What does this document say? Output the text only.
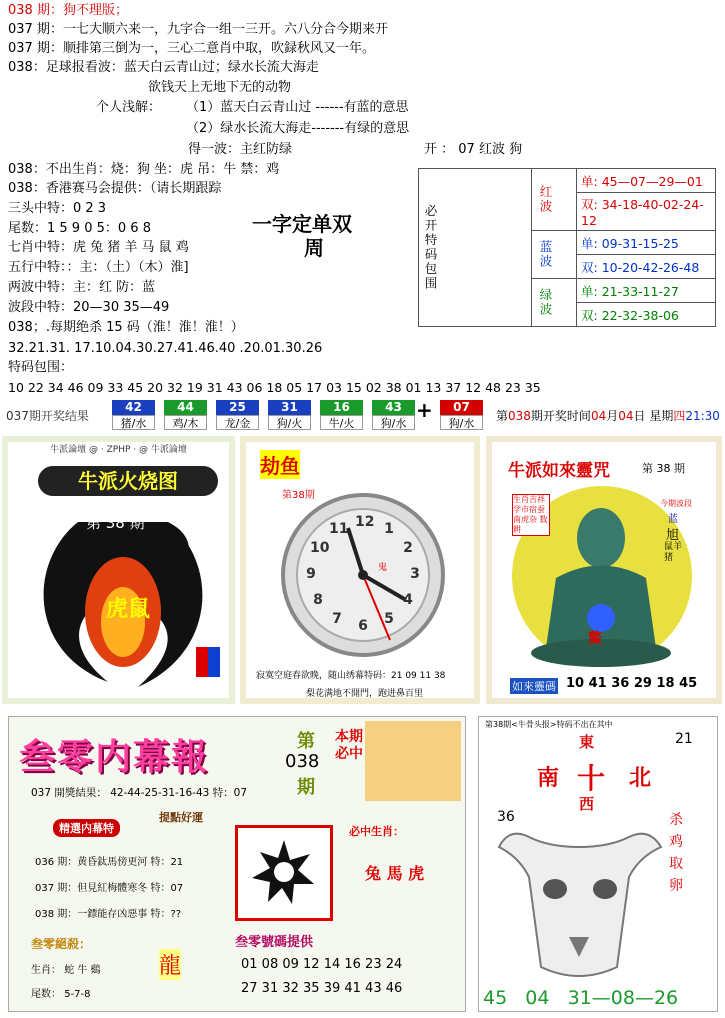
038 期：狗不理版；
037 期：一七大顺六来一，九字合一组一三开。六八分合今期来开
037 期：顺排第三倒为一，三心二意肖中取，吹録秋风又一年。
038：足球报看波：蓝天白云青山过；绿水长流大海走
欲钱天上无地下无的动物
个人浅解： （1）蓝天白云青山过 ------有蓝的意思
（2）绿水长流大海走-------有绿的意思
得一波：主红防绿	开 ： 07 红波 狗
038：不出生肖：烧：狗 坐：虎 吊：牛 禁：鸡
038：香港赛马会提供：（请长期跟踪
三头中特：0 2 3
尾数：1 5 9 0 5：0 6 8
七肖中特：虎 兔 猪 羊 马 鼠 鸡
五行中特：：主：（土）（木）淮]
两波中特：主：红 防：蓝
波段中特：20—30 35—49
038；.每期绝杀 15 码（淮！淮！淮！）
一字定单双
周
32.21.31. 17.10.04.30.27.41.46.40 .20.01.30.26
特码包围：
10 22 34 46 09 33 45 20 32 19 31 43 06 18 05 17 03 15 02 38 01 13 37 12 48 23 35
必开特码包围	红波	单: 45—07—29—01
		双: 34-18-40-02-24-12

	蓝波	单: 09-31-15-25
		双: 10-20-42-26-48

	绿波	单: 21-33-11-27
		双: 22-32-38-06
037期开奖结果
42
猪/水
44
鸡/木
25
龙/金
31
狗/火
16
牛/火
43
狗/水
07
狗/水
+	第038期开奖时间04月04日 星期四21:30
牛派論壇 @ · ZPHP · @ 牛派論壇
牛派火烧图
第 38 期
虎鼠
劫鱼
第38期
12 1
2
3
4
5
6
7
8
9
10
11
鬼
寂寞空庭春欲晚，随山绣幕特码：21 09 11 38
梨花满地不開門，跑进鼻百里
牛派如來靈咒	第 38 期
生肖吉祥 学市宿蚕 南虎杂 数耕
今期波段
蓝
旭
鼠羊猪
鱉
如來靈碼 10 41 36 29 18 45
叁零内幕報	第
038
期
本期必中
037 開獎結果： 42-44-25-31-16-43 特：07
精選内幕特
提點好運
036 期：黄昏鈦馬傍更河 特：21
037 期：但見紅梅體寒冬 特：07
038 期：一鏢能存凶惡事 特：??
必中生肖：
兔 馬 虎
叁零絕殺：
生肖： 蛇 牛 鷄
尾数： 5-7-8
龍
叁零號碼提供
01 08 09 12 14 16 23 24
27 31 32 35 39 41 43 46
第38期<牛骨头报>特码不出在其中
東	21
南 十 北
西
36	杀鸡取卵
45   04   31—08—26
